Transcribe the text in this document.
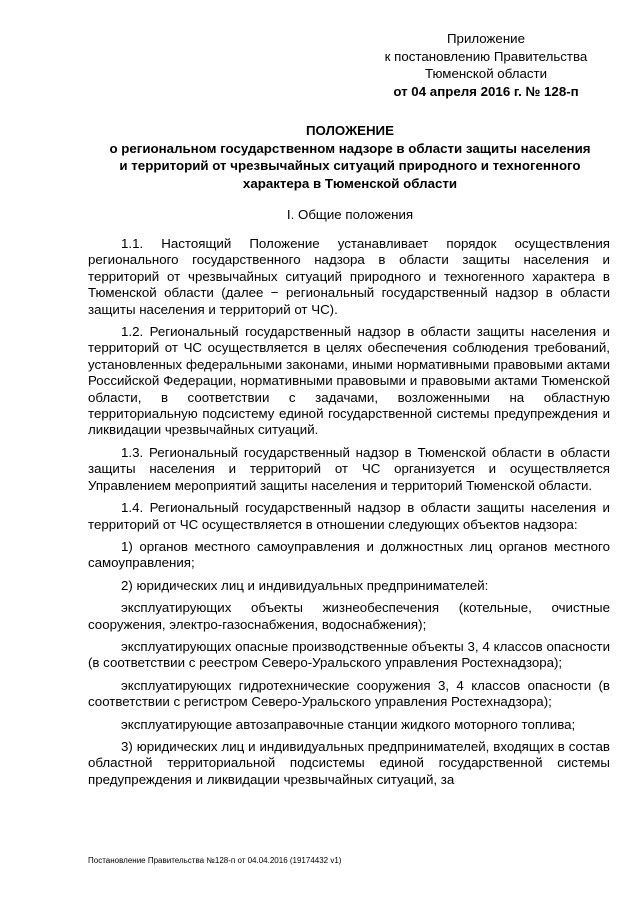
Приложение
к постановлению Правительства
Тюменской области
от 04 апреля 2016 г. № 128-п
ПОЛОЖЕНИЕ
о региональном государственном надзоре в области защиты населения
и территорий от чрезвычайных ситуаций природного и техногенного
характера в Тюменской области
I. Общие положения

1.1. Настоящий Положение устанавливает порядок осуществления регионального государственного надзора в области защиты населения и территорий от чрезвычайных ситуаций природного и техногенного характера в Тюменской области (далее − региональный государственный надзор в области защиты населения и территорий от ЧС).

1.2. Региональный государственный надзор в области защиты населения и территорий от ЧС осуществляется в целях обеспечения соблюдения требований, установленных федеральными законами, иными нормативными правовыми актами Российской Федерации, нормативными правовыми и правовыми актами Тюменской области, в соответствии с задачами, возложенными на областную территориальную подсистему единой государственной системы предупреждения и ликвидации чрезвычайных ситуаций.

1.3. Региональный государственный надзор в Тюменской области в области защиты населения и территорий от ЧС организуется и осуществляется Управлением мероприятий защиты населения и территорий Тюменской области.

1.4. Региональный государственный надзор в области защиты населения и территорий от ЧС осуществляется в отношении следующих объектов надзора:

1) органов местного самоуправления и должностных лиц органов местного самоуправления;

2) юридических лиц и индивидуальных предпринимателей:

эксплуатирующих объекты жизнеобеспечения (котельные, очистные сооружения, электро-газоснабжения, водоснабжения);

эксплуатирующих опасные производственные объекты 3, 4 классов опасности (в соответствии с реестром Северо-Уральского управления Ростехнадзора);

эксплуатирующих гидротехнические сооружения 3, 4 классов опасности (в соответствии с регистром Северо-Уральского управления Ростехнадзора);

эксплуатирующие автозаправочные станции жидкого моторного топлива;

3) юридических лиц и индивидуальных предпринимателей, входящих в состав областной территориальной подсистемы единой государственной системы предупреждения и ликвидации чрезвычайных ситуаций, за

Постановление Правительства №128-п от 04.04.2016 (19174432 v1)
